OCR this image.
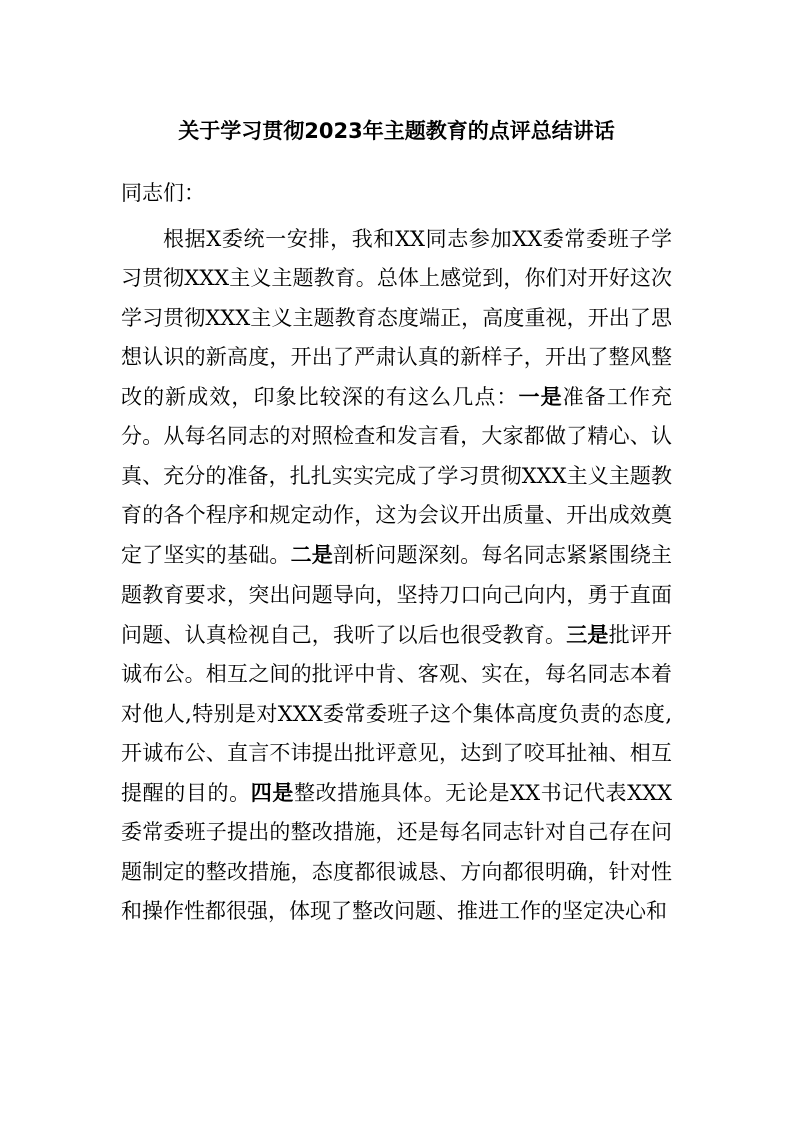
关于学习贯彻2023年主题教育的点评总结讲话

同志们：

根据X委统一安排，我和XX同志参加XX委常委班子学习贯彻XXX主义主题教育。总体上感觉到，你们对开好这次学习贯彻XXX主义主题教育态度端正，高度重视，开出了思想认识的新高度，开出了严肃认真的新样子，开出了整风整改的新成效，印象比较深的有这么几点：一是准备工作充分。从每名同志的对照检查和发言看，大家都做了精心、认真、充分的准备，扎扎实实完成了学习贯彻XXX主义主题教育的各个程序和规定动作，这为会议开出质量、开出成效奠定了坚实的基础。二是剖析问题深刻。每名同志紧紧围绕主题教育要求，突出问题导向，坚持刀口向己向内，勇于直面问题、认真检视自己，我听了以后也很受教育。三是批评开诚布公。相互之间的批评中肯、客观、实在，每名同志本着对他人,特别是对XXX委常委班子这个集体高度负责的态度,开诚布公、直言不讳提出批评意见，达到了咬耳扯袖、相互提醒的目的。四是整改措施具体。无论是XX书记代表XXX委常委班子提出的整改措施，还是每名同志针对自己存在问题制定的整改措施，态度都很诚恳、方向都很明确，针对性和操作性都很强，体现了整改问题、推进工作的坚定决心和
